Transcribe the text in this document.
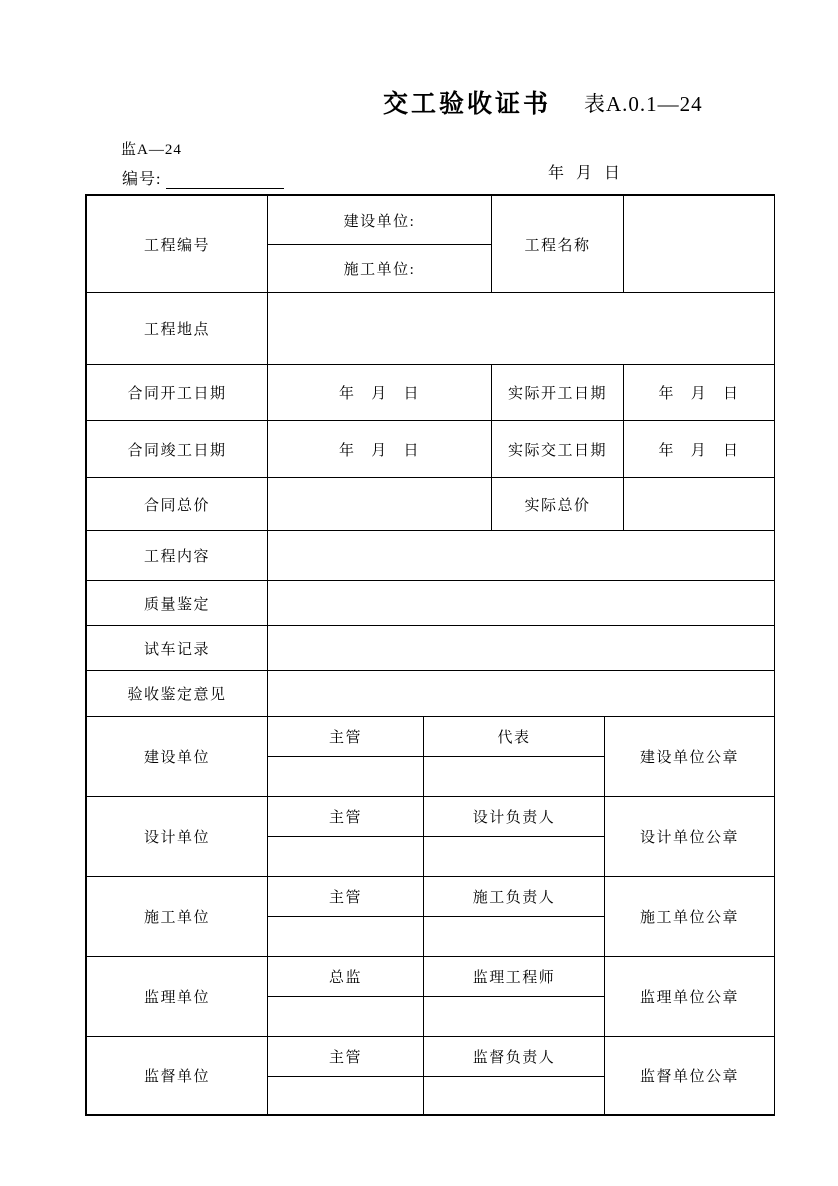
交工验收证书 表A.0.1—24
监A—24
编号:	年   月   日
工程编号	建设单位:	工程名称	
	施工单位:		
工程地点			
合同开工日期	年   月   日	实际开工日期	年   月   日
合同竣工日期	年   月   日	实际交工日期	年   月   日
合同总价		实际总价	
工程内容			
质量鉴定			
试车记录			
验收鉴定意见			
建设单位	主管	代表	建设单位公章

设计单位	主管	设计负责人	设计单位公章

施工单位	主管	施工负责人	施工单位公章

监理单位	总监	监理工程师	监理单位公章

监督单位	主管	监督负责人	监督单位公章
